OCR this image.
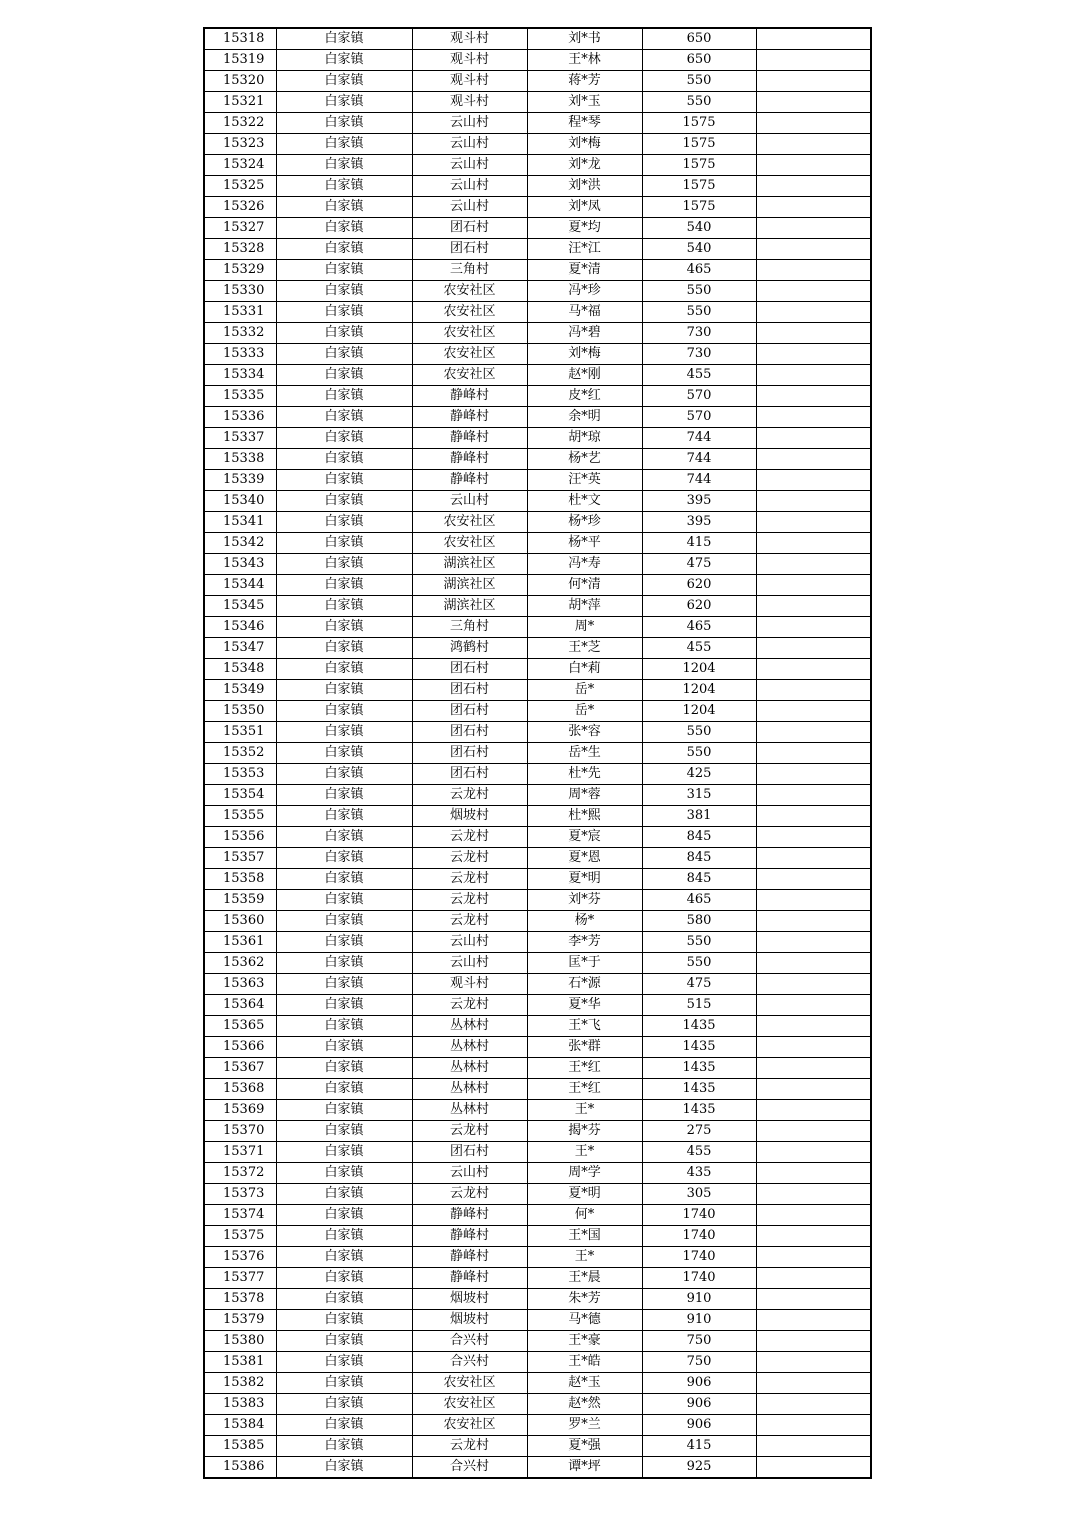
15318	白家镇	观斗村	刘*书	650	
15319	白家镇	观斗村	王*林	650	
15320	白家镇	观斗村	蒋*芳	550	
15321	白家镇	观斗村	刘*玉	550	
15322	白家镇	云山村	程*琴	1575	
15323	白家镇	云山村	刘*梅	1575	
15324	白家镇	云山村	刘*龙	1575	
15325	白家镇	云山村	刘*洪	1575	
15326	白家镇	云山村	刘*凤	1575	
15327	白家镇	团石村	夏*均	540	
15328	白家镇	团石村	汪*江	540	
15329	白家镇	三角村	夏*清	465	
15330	白家镇	农安社区	冯*珍	550	
15331	白家镇	农安社区	马*福	550	
15332	白家镇	农安社区	冯*碧	730	
15333	白家镇	农安社区	刘*梅	730	
15334	白家镇	农安社区	赵*刚	455	
15335	白家镇	静峰村	皮*红	570	
15336	白家镇	静峰村	余*明	570	
15337	白家镇	静峰村	胡*琼	744	
15338	白家镇	静峰村	杨*艺	744	
15339	白家镇	静峰村	汪*英	744	
15340	白家镇	云山村	杜*文	395	
15341	白家镇	农安社区	杨*珍	395	
15342	白家镇	农安社区	杨*平	415	
15343	白家镇	湖滨社区	冯*寿	475	
15344	白家镇	湖滨社区	何*清	620	
15345	白家镇	湖滨社区	胡*萍	620	
15346	白家镇	三角村	周*	465	
15347	白家镇	鸿鹤村	王*芝	455	
15348	白家镇	团石村	白*莉	1204	
15349	白家镇	团石村	岳*	1204	
15350	白家镇	团石村	岳*	1204	
15351	白家镇	团石村	张*容	550	
15352	白家镇	团石村	岳*生	550	
15353	白家镇	团石村	杜*先	425	
15354	白家镇	云龙村	周*蓉	315	
15355	白家镇	烟坡村	杜*熙	381	
15356	白家镇	云龙村	夏*宸	845	
15357	白家镇	云龙村	夏*恩	845	
15358	白家镇	云龙村	夏*明	845	
15359	白家镇	云龙村	刘*芬	465	
15360	白家镇	云龙村	杨*	580	
15361	白家镇	云山村	李*芳	550	
15362	白家镇	云山村	匡*于	550	
15363	白家镇	观斗村	石*源	475	
15364	白家镇	云龙村	夏*华	515	
15365	白家镇	丛林村	王*飞	1435	
15366	白家镇	丛林村	张*群	1435	
15367	白家镇	丛林村	王*红	1435	
15368	白家镇	丛林村	王*红	1435	
15369	白家镇	丛林村	王*	1435	
15370	白家镇	云龙村	揭*芬	275	
15371	白家镇	团石村	王*	455	
15372	白家镇	云山村	周*学	435	
15373	白家镇	云龙村	夏*明	305	
15374	白家镇	静峰村	何*	1740	
15375	白家镇	静峰村	王*国	1740	
15376	白家镇	静峰村	王*	1740	
15377	白家镇	静峰村	王*晨	1740	
15378	白家镇	烟坡村	朱*芳	910	
15379	白家镇	烟坡村	马*德	910	
15380	白家镇	合兴村	王*豪	750	
15381	白家镇	合兴村	王*皓	750	
15382	白家镇	农安社区	赵*玉	906	
15383	白家镇	农安社区	赵*然	906	
15384	白家镇	农安社区	罗*兰	906	
15385	白家镇	云龙村	夏*强	415	
15386	白家镇	合兴村	谭*坪	925	
